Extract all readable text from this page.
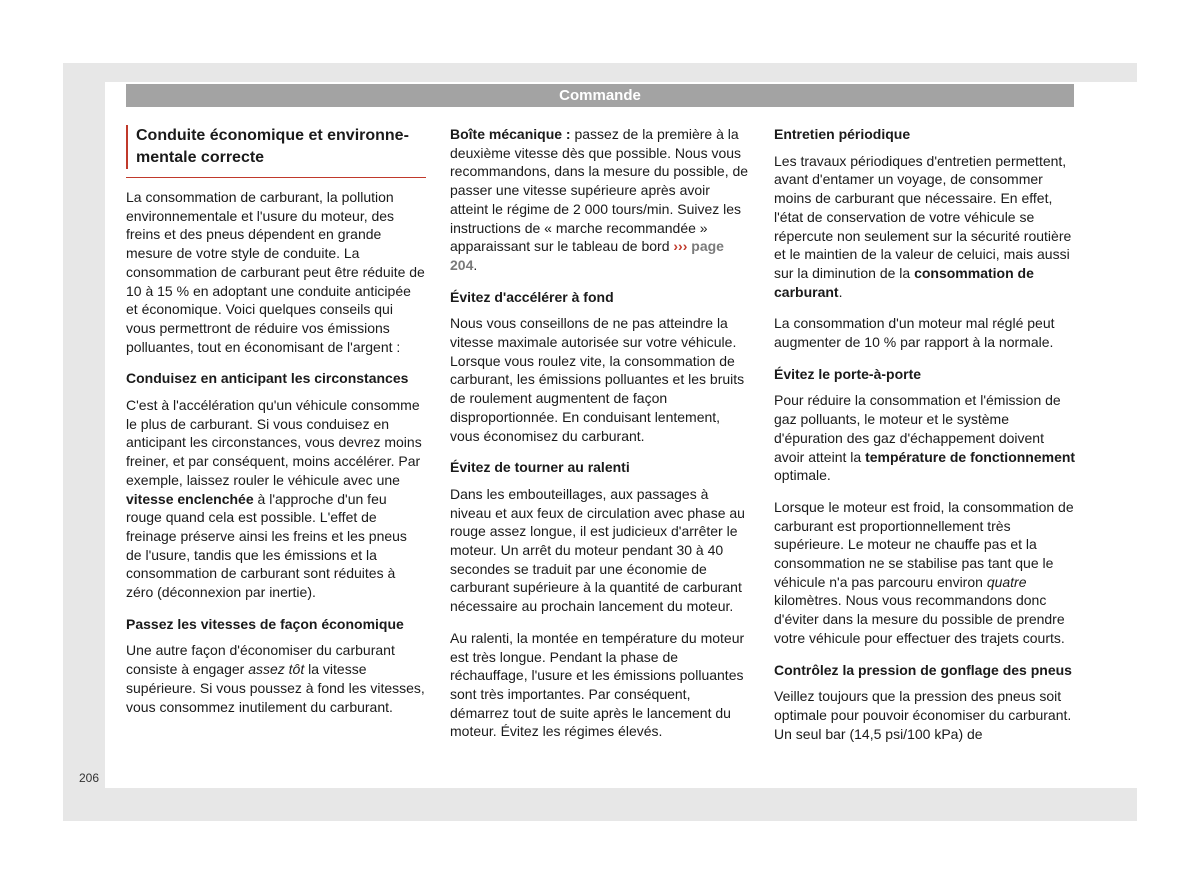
Commande
Conduite économique et environne-
mentale correcte

La consommation de carburant, la pollution environnementale et l'usure du moteur, des freins et des pneus dépendent en grande mesure de votre style de conduite. La consommation de carburant peut être réduite de 10 à 15 % en adoptant une conduite anticipée et économique. Voici quelques conseils qui vous permettront de réduire vos émissions polluantes, tout en économisant de l'argent :

Conduisez en anticipant les circonstances

C'est à l'accélération qu'un véhicule consomme le plus de carburant. Si vous conduisez en anticipant les circonstances, vous devrez moins freiner, et par conséquent, moins accélérer. Par exemple, laissez rouler le véhicule avec une vitesse enclenchée à l'approche d'un feu rouge quand cela est possible. L'effet de freinage préserve ainsi les freins et les pneus de l'usure, tandis que les émissions et la consommation de carburant sont réduites à zéro (déconnexion par inertie).

Passez les vitesses de façon économique

Une autre façon d'économiser du carburant consiste à engager assez tôt la vitesse supérieure. Si vous poussez à fond les vitesses, vous consommez inutilement du carburant.

Boîte mécanique : passez de la première à la deuxième vitesse dès que possible. Nous vous recommandons, dans la mesure du possible, de passer une vitesse supérieure après avoir atteint le régime de 2 000 tours/min. Suivez les instructions de « marche recommandée » apparaissant sur le tableau de bord ››› page 204.

Évitez d'accélérer à fond

Nous vous conseillons de ne pas atteindre la vitesse maximale autorisée sur votre véhicule. Lorsque vous roulez vite, la consommation de carburant, les émissions polluantes et les bruits de roulement augmentent de façon disproportionnée. En conduisant lentement, vous économisez du carburant.

Évitez de tourner au ralenti

Dans les embouteillages, aux passages à niveau et aux feux de circulation avec phase au rouge assez longue, il est judicieux d'arrêter le moteur. Un arrêt du moteur pendant 30 à 40 secondes se traduit par une économie de carburant supérieure à la quantité de carburant nécessaire au prochain lancement du moteur.

Au ralenti, la montée en température du moteur est très longue. Pendant la phase de réchauffage, l'usure et les émissions polluantes sont très importantes. Par conséquent, démarrez tout de suite après le lancement du moteur. Évitez les régimes élevés.

Entretien périodique

Les travaux périodiques d'entretien permettent, avant d'entamer un voyage, de consommer moins de carburant que nécessaire. En effet, l'état de conservation de votre véhicule se répercute non seulement sur la sécurité routière et le maintien de la valeur de celuici, mais aussi sur la diminution de la consommation de carburant.

La consommation d'un moteur mal réglé peut augmenter de 10 % par rapport à la normale.

Évitez le porte-à-porte

Pour réduire la consommation et l'émission de gaz polluants, le moteur et le système d'épuration des gaz d'échappement doivent avoir atteint la température de fonctionnement optimale.

Lorsque le moteur est froid, la consommation de carburant est proportionnellement très supérieure. Le moteur ne chauffe pas et la consommation ne se stabilise pas tant que le véhicule n'a pas parcouru environ quatre kilomètres. Nous vous recommandons donc d'éviter dans la mesure du possible de prendre votre véhicule pour effectuer des trajets courts.

Contrôlez la pression de gonflage des pneus

Veillez toujours que la pression des pneus soit optimale pour pouvoir économiser du carburant. Un seul bar (14,5 psi/100 kPa) de

206
